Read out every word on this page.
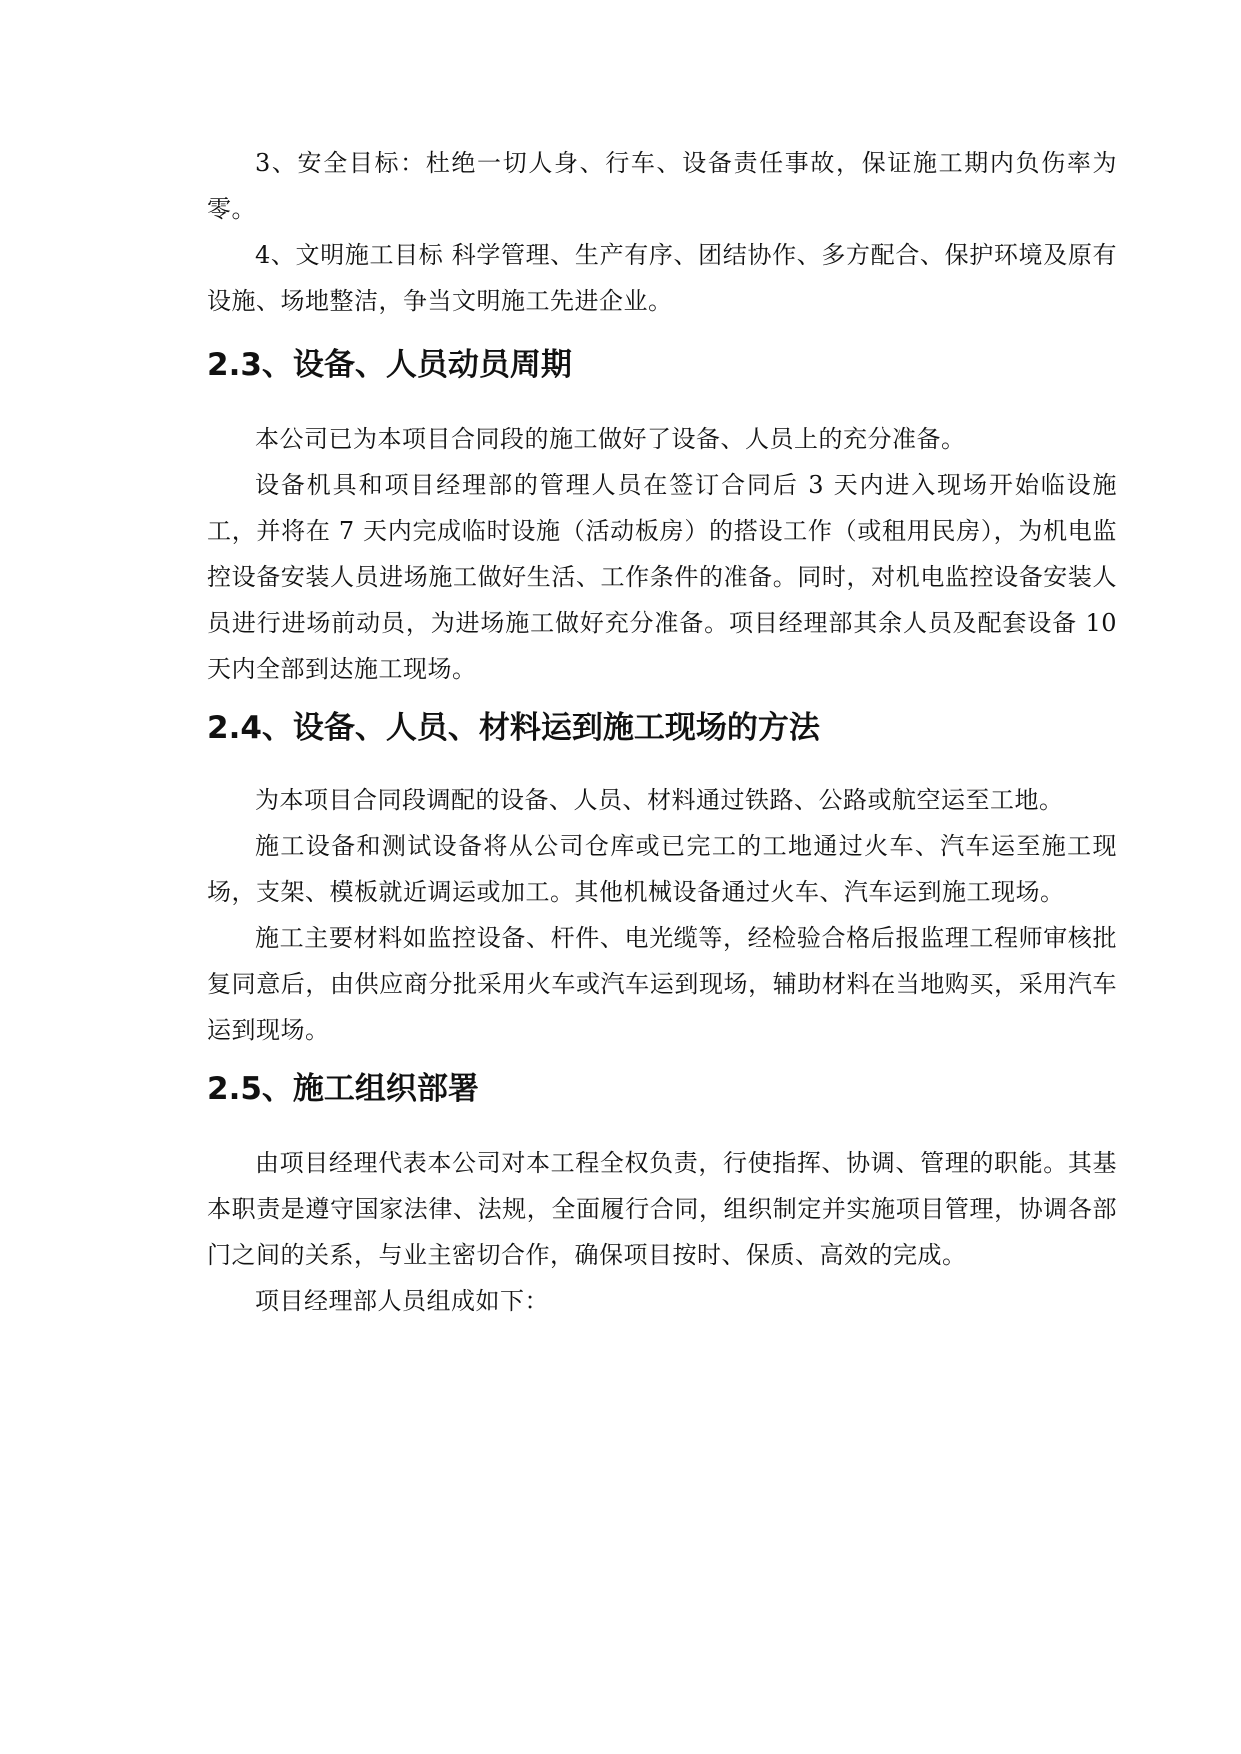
3、安全目标：杜绝一切人身、行车、设备责任事故，保证施工期内负伤率为零。

4、文明施工目标 科学管理、生产有序、团结协作、多方配合、保护环境及原有设施、场地整洁，争当文明施工先进企业。

2.3、设备、人员动员周期

本公司已为本项目合同段的施工做好了设备、人员上的充分准备。

设备机具和项目经理部的管理人员在签订合同后 3 天内进入现场开始临设施工，并将在 7 天内完成临时设施（活动板房）的搭设工作（或租用民房），为机电监控设备安装人员进场施工做好生活、工作条件的准备。同时，对机电监控设备安装人员进行进场前动员，为进场施工做好充分准备。项目经理部其余人员及配套设备 10 天内全部到达施工现场。

2.4、设备、人员、材料运到施工现场的方法

为本项目合同段调配的设备、人员、材料通过铁路、公路或航空运至工地。

施工设备和测试设备将从公司仓库或已完工的工地通过火车、汽车运至施工现场，支架、模板就近调运或加工。其他机械设备通过火车、汽车运到施工现场。

施工主要材料如监控设备、杆件、电光缆等，经检验合格后报监理工程师审核批复同意后，由供应商分批采用火车或汽车运到现场，辅助材料在当地购买，采用汽车运到现场。

2.5、施工组织部署

由项目经理代表本公司对本工程全权负责，行使指挥、协调、管理的职能。其基本职责是遵守国家法律、法规，全面履行合同，组织制定并实施项目管理，协调各部门之间的关系，与业主密切合作，确保项目按时、保质、高效的完成。

项目经理部人员组成如下：
